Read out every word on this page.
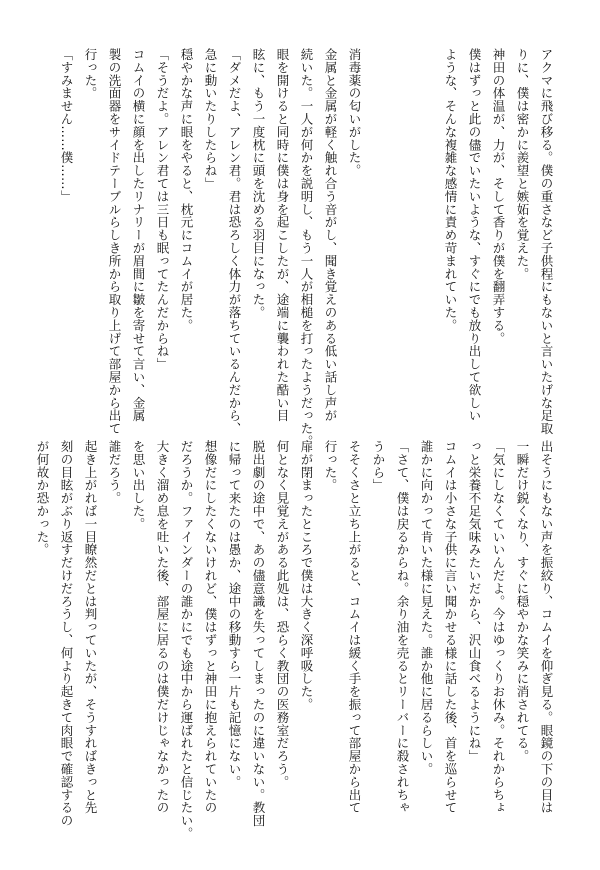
アクマに飛び移る。僕の重さなど子供程にもないと言いたげな足取
りに、僕は密かに羨望と嫉妬を覚えた。
神田の体温が、力が、そして香りが僕を翻弄する。
僕はずっと此の儘でいたいような、すぐにでも放り出して欲しい
ような、そんな複雑な感情に責め苛まれていた。

消毒薬の匂いがした。
金属と金属が軽く触れ合う音がし、聞き覚えのある低い話し声が
続いた。一人が何かを説明し、もう一人が相槌を打ったようだった。
眼を開けると同時に僕は身を起こしたが、途端に襲われた酷い目
眩に、もう一度枕に頭を沈める羽目になった。
「ダメだよ、アレン君。君は恐ろしく体力が落ちているんだから、
急に動いたりしたらね」
穏やかな声に眼をやると、枕元にコムイが居た。
「そうだよ。アレン君ては三日も眠ってたんだからね」
コムイの横に顔を出したリナリーが眉間に皺を寄せて言い、金属
製の洗面器をサイドテーブルらしき所から取り上げて部屋から出て
行った。
「すみません……僕……」
出そうにもない声を振絞り、コムイを仰ぎ見る。眼鏡の下の目は
一瞬だけ鋭くなり、すぐに穏やかな笑みに消されてる。
「気にしなくていいんだよ。今はゆっくりお休み。それからちょ
っと栄養不足気味みたいだから、沢山食べるようにね」
コムイは小さな子供に言い聞かせる様に話した後、首を巡らせて
誰かに向かって肯いた様に見えた。誰か他に居るらしい。
「さて、僕は戻るからね。余り油を売るとリーバーに殺されちゃ
うから」
そそくさと立ち上がると、コムイは緩く手を振って部屋から出て
行った。
扉が閉まったところで僕は大きく深呼吸した。
何となく見覚えがある此処は、恐らく教団の医務室だろう。
脱出劇の途中で、あの儘意識を失ってしまったのに違いない。教団
に帰って来たのは愚か、途中の移動すら一片も記憶にない。
想像だにしたくないけれど、僕はずっと神田に抱えられていたの
だろうか。ファインダーの誰かにでも途中から運ばれたと信じたい。
大きく溜め息を吐いた後、部屋に居るのは僕だけじゃなかったの
を思い出した。
誰だろう。
起き上がれば一目瞭然だとは判っていたが、そうすればきっと先
刻の目眩がぶり返すだけだろうし、何より起きて肉眼で確認するの
が何故か恐かった。
